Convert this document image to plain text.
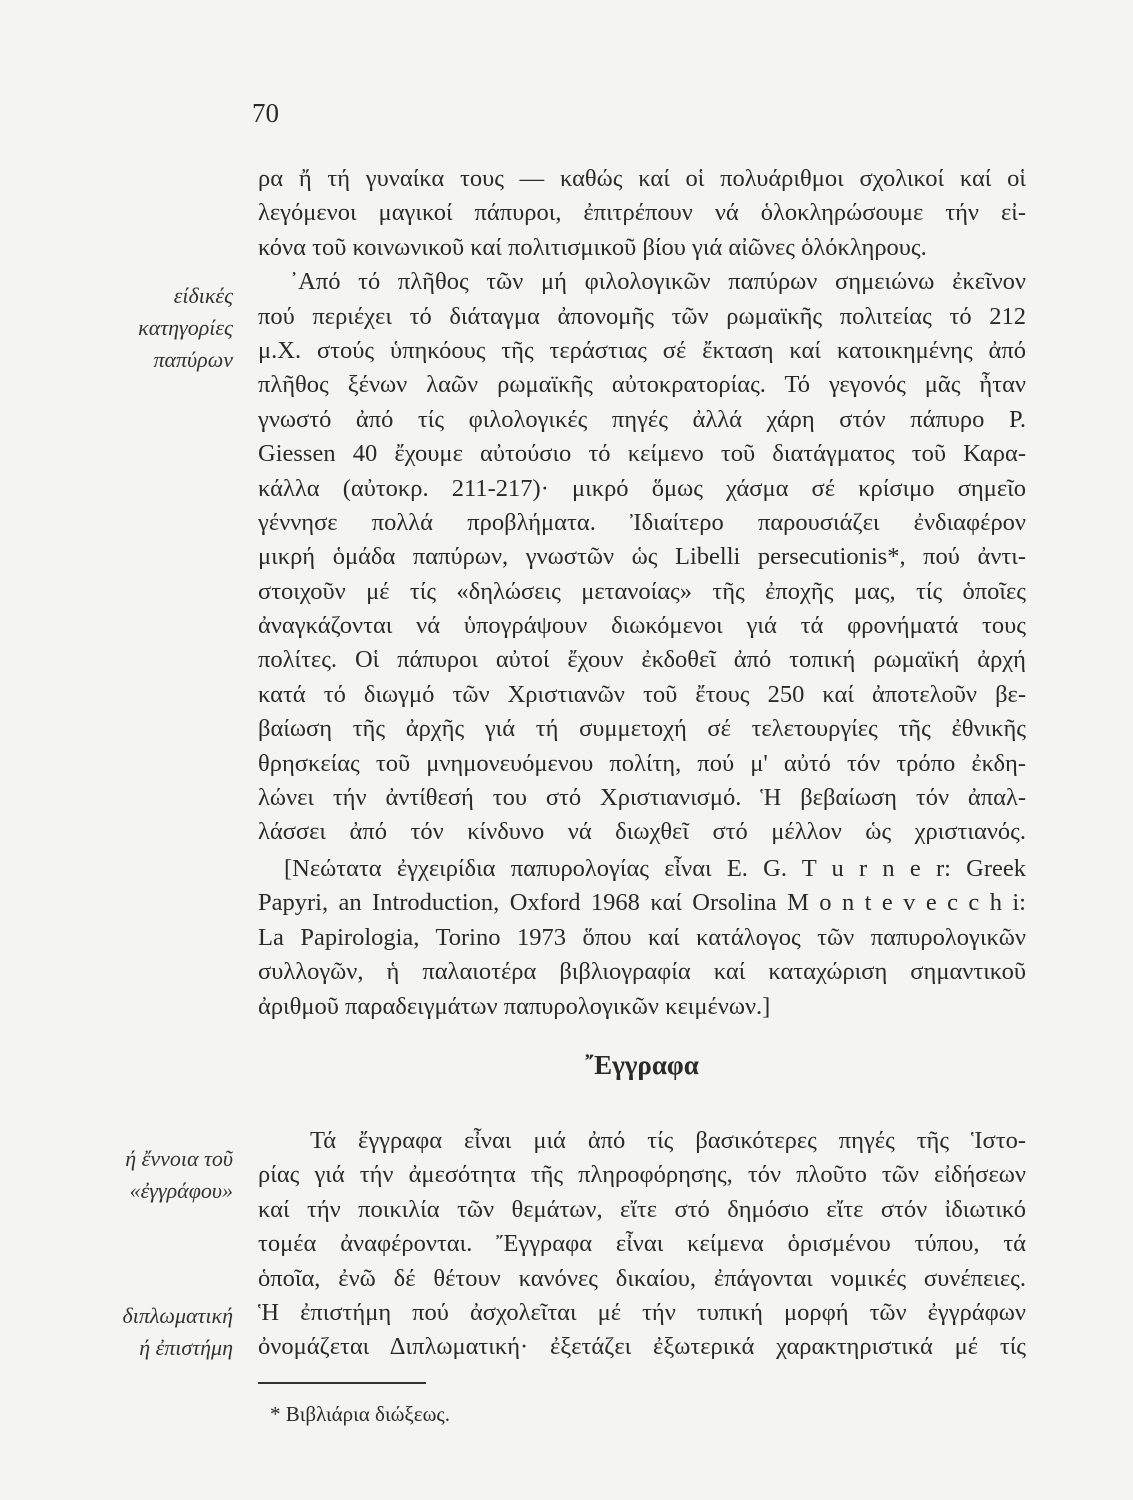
70
είδικές
κατηγορίες
παπύρων
ή ἔννοια τοῦ
«ἐγγράφου»
διπλωματική
ή ἐπιστήμη
ρα ἤ τή γυναίκα τους — καθώς καί οἱ πολυάριθμοι σχολικοί καί οἱ
λεγόμενοι μαγικοί πάπυροι, ἐπιτρέπουν νά ὁλοκληρώσουμε τήν εἰ-
κόνα τοῦ κοινωνικοῦ καί πολιτισμικοῦ βίου γιά αἰῶνες ὁλόκληρους.
᾿Από τό πλῆθος τῶν μή φιλολογικῶν παπύρων σημειώνω ἐκεῖνον
πού περιέχει τό διάταγμα ἀπονομῆς τῶν ρωμαϊκῆς πολιτείας τό 212
μ.Χ. στούς ὑπηκόους τῆς τεράστιας σέ ἔκταση καί κατοικημένης ἀπό
πλῆθος ξένων λαῶν ρωμαϊκῆς αὐτοκρατορίας. Τό γεγονός μᾶς ἦταν
γνωστό ἀπό τίς φιλολογικές πηγές ἀλλά χάρη στόν πάπυρο P.
Giessen 40 ἔχουμε αὐτούσιο τό κείμενο τοῦ διατάγματος τοῦ Καρα-
κάλλα (αὐτοκρ. 211-217)· μικρό ὅμως χάσμα σέ κρίσιμο σημεῖο
γέννησε πολλά προβλήματα. Ἰδιαίτερο παρουσιάζει ἐνδιαφέρον
μικρή ὁμάδα παπύρων, γνωστῶν ὡς Libelli persecutionis*, πού ἀντι-
στοιχοῦν μέ τίς «δηλώσεις μετανοίας» τῆς ἐποχῆς μας, τίς ὁποῖες
ἀναγκάζονται νά ὑπογράψουν διωκόμενοι γιά τά φρονήματά τους
πολίτες. Οἱ πάπυροι αὐτοί ἔχουν ἐκδοθεῖ ἀπό τοπική ρωμαϊκή ἀρχή
κατά τό διωγμό τῶν Χριστιανῶν τοῦ ἔτους 250 καί ἀποτελοῦν βε-
βαίωση τῆς ἀρχῆς γιά τή συμμετοχή σέ τελετουργίες τῆς ἐθνικῆς
θρησκείας τοῦ μνημονευόμενου πολίτη, πού μ' αὐτό τόν τρόπο ἐκδη-
λώνει τήν ἀντίθεσή του στό Χριστιανισμό. Ἡ βεβαίωση τόν ἀπαλ-
λάσσει ἀπό τόν κίνδυνο νά διωχθεῖ στό μέλλον ὡς χριστιανός.
[Νεώτατα ἐγχειρίδια παπυρολογίας εἶναι E. G. T u r n e r: Greek
Papyri, an Introduction, Oxford 1968 καί Orsolina M o n t e v e c c h i:
La Papirologia, Torino 1973 ὅπου καί κατάλογος τῶν παπυρολογικῶν
συλλογῶν, ἡ παλαιοτέρα βιβλιογραφία καί καταχώριση σημαντικοῦ
ἀριθμοῦ παραδειγμάτων παπυρολογικῶν κειμένων.]
῎Εγγραφα
Τά ἔγγραφα εἶναι μιά ἀπό τίς βασικότερες πηγές τῆς Ἱστο-
ρίας γιά τήν ἀμεσότητα τῆς πληροφόρησης, τόν πλοῦτο τῶν εἰδήσεων
καί τήν ποικιλία τῶν θεμάτων, εἴτε στό δημόσιο εἴτε στόν ἰδιωτικό
τομέα ἀναφέρονται. Ἔγγραφα εἶναι κείμενα ὁρισμένου τύπου, τά
ὁποῖα, ἐνῶ δέ θέτουν κανόνες δικαίου, ἐπάγονται νομικές συνέπειες.
Ἡ ἐπιστήμη πού ἀσχολεῖται μέ τήν τυπική μορφή τῶν ἐγγράφων
ὀνομάζεται Διπλωματική· ἐξετάζει ἐξωτερικά χαρακτηριστικά μέ τίς
* Βιβλιάρια διώξεως.
